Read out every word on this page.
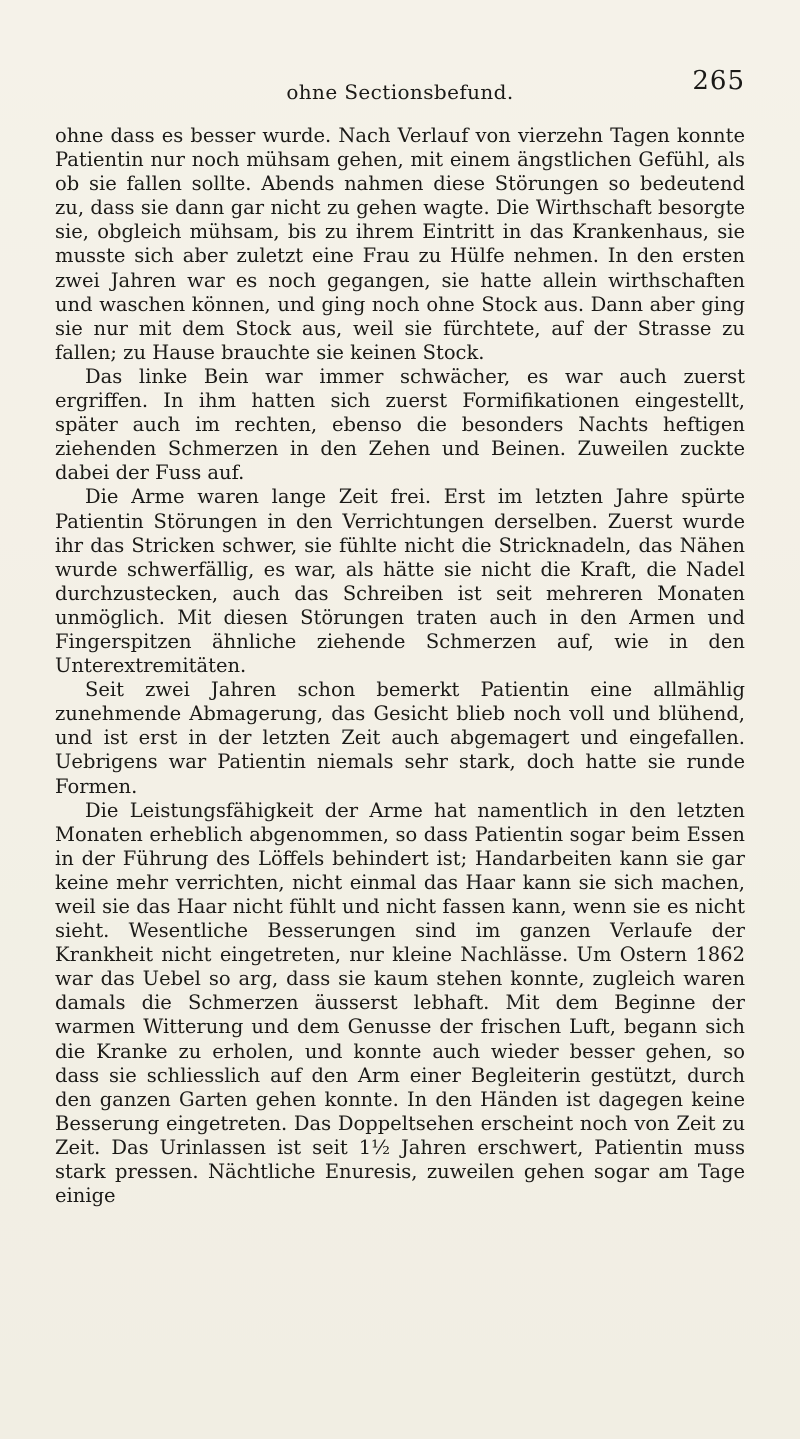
ohne Sectionsbefund.	265

ohne dass es besser wurde. Nach Verlauf von vierzehn Tagen konnte Patientin nur noch mühsam gehen, mit einem ängstlichen Gefühl, als ob sie fallen sollte. Abends nahmen diese Störungen so bedeutend zu, dass sie dann gar nicht zu gehen wagte. Die Wirthschaft besorgte sie, obgleich mühsam, bis zu ihrem Eintritt in das Krankenhaus, sie musste sich aber zuletzt eine Frau zu Hülfe nehmen. In den ersten zwei Jahren war es noch gegangen, sie hatte allein wirthschaften und waschen können, und ging noch ohne Stock aus. Dann aber ging sie nur mit dem Stock aus, weil sie fürchtete, auf der Strasse zu fallen; zu Hause brauchte sie keinen Stock.

Das linke Bein war immer schwächer, es war auch zuerst ergriffen. In ihm hatten sich zuerst Formifikationen eingestellt, später auch im rechten, ebenso die besonders Nachts heftigen ziehenden Schmerzen in den Zehen und Beinen. Zuweilen zuckte dabei der Fuss auf.

Die Arme waren lange Zeit frei. Erst im letzten Jahre spürte Patientin Störungen in den Verrichtungen derselben. Zuerst wurde ihr das Stricken schwer, sie fühlte nicht die Stricknadeln, das Nähen wurde schwerfällig, es war, als hätte sie nicht die Kraft, die Nadel durchzustecken, auch das Schreiben ist seit mehreren Monaten unmöglich. Mit diesen Störungen traten auch in den Armen und Fingerspitzen ähnliche ziehende Schmerzen auf, wie in den Unterextremitäten.

Seit zwei Jahren schon bemerkt Patientin eine allmählig zunehmende Abmagerung, das Gesicht blieb noch voll und blühend, und ist erst in der letzten Zeit auch abgemagert und eingefallen. Uebrigens war Patientin niemals sehr stark, doch hatte sie runde Formen.

Die Leistungsfähigkeit der Arme hat namentlich in den letzten Monaten erheblich abgenommen, so dass Patientin sogar beim Essen in der Führung des Löffels behindert ist; Handarbeiten kann sie gar keine mehr verrichten, nicht einmal das Haar kann sie sich machen, weil sie das Haar nicht fühlt und nicht fassen kann, wenn sie es nicht sieht. Wesentliche Besserungen sind im ganzen Verlaufe der Krankheit nicht eingetreten, nur kleine Nachlässe. Um Ostern 1862 war das Uebel so arg, dass sie kaum stehen konnte, zugleich waren damals die Schmerzen äusserst lebhaft. Mit dem Beginne der warmen Witterung und dem Genusse der frischen Luft, begann sich die Kranke zu erholen, und konnte auch wieder besser gehen, so dass sie schliesslich auf den Arm einer Begleiterin gestützt, durch den ganzen Garten gehen konnte. In den Händen ist dagegen keine Besserung eingetreten. Das Doppeltsehen erscheint noch von Zeit zu Zeit. Das Urinlassen ist seit 1½ Jahren erschwert, Patientin muss stark pressen. Nächtliche Enuresis, zuweilen gehen sogar am Tage einige
